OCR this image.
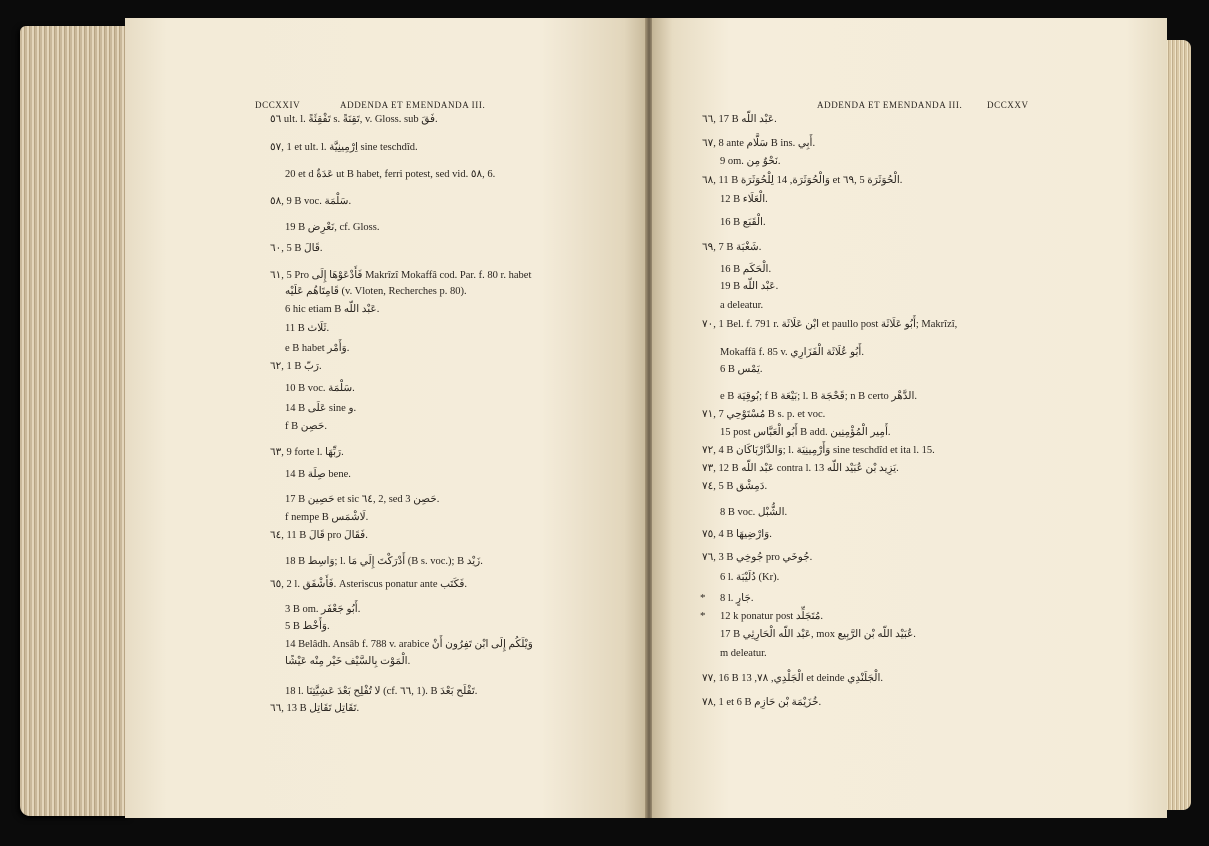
DCCXXIV	ADDENDA ET EMENDANDA III.
٥٦ ult. l. تَفْقِئَةً s. تَقِنَةً, v. Gloss. sub فَقَ.
٥٧, 1 et ult. l. اِرْمِينِيَّة sine teschdîd.
20 et d عَدَةٌ ut B habet, ferri potest, sed vid. ٥٨, 6.
٥٨, 9 B voc. سَلْمَة.
19 B نَعْرِض, cf. Gloss.
٦٠, 5 B قَالَ.
٦١, 5 Pro فَأَدْعَوْهَا إِلَى Makrîzî Mokaffâ cod. Par. f. 80 r. habet
قَامِتَاهُم عَلَيْه (v. Vloten, Recherches p. 80).
6 hic etiam B عَبْد اللّه.
11 B ثَلَاث.
e B habet وَأَمْر.
٦٢, 1 B رَبّ.
10 B voc. سَلْمَة.
14 B عَلَى sine و.
f B حَصِن.
٦٣, 9 forte l. رَبِّهَا.
14 B صِلَة bene.
17 B حَصِين et sic ٦٤, 2, sed 3 حَصِن.
f nempe B لَاشْمَس.
٦٤, 11 B قَالَ pro فَقَالَ.
18 B وَاسِط; l. أَدْرَكْتَ إِلَي مَا (B s. voc.); B زَيْد.
٦٥, 2 l. فَأَشْفَق. Asteriscus ponatur ante فَكَتَب.
3 B om. أَبُو جَعْفَر.
5 B وَأَخْط.
14 Belâdh. Ansâb f. 788 v. arabice وَيْلَكُم إِلَى ابْن تَفِرُون أَنْ
الْمَوْت بِالسَّيْف خَيْر مِنْه عَيْشًا.
18 l. لا تُفْلِح بَعْدَ عَشِيَّتِنَا (cf. ٦٦, 1). B تَفْلَح بَعْدَ.
٦٦, 13 B تَقَاتِل تَقَاتِل.
ADDENDA ET EMENDANDA III.	DCCXXV
٦٦, 17 B عَبْد اللّه.
٦٧, 8 ante سَلَّام B ins. أَبِي.
9 om. نَحْوٌ مِن.
٦٨, 11 B وَالْحُوَثَرَة, 14 لِلْحُوَثَرَة et ٦٩, 5 الْحُوَثَرَة.
12 B الْعَلَاء.
16 B الْقَبَع.
٦٩, 7 B شَغْبَة.
16 B الْحَكَم.
19 B عَبْد اللّه.
a deleatur.
٧٠, 1 Bel. f. 791 r. ابْن عَلَاثَة et paullo post أَبُو عَلَاثَة; Makrîzî,
Mokaffâ f. 85 v. أَبُو عُلَاثَة الْفَزَارِي.
6 B يَمْس.
e B بُوقِيَة; f B بَيْعَة; l. B قَحْجَة; n B certo الدَّهْر.
٧١, 7 مُسْتَوْحِي B s. p. et voc.
15 post أَبُو الْعَبَّاس B add. أَمِير الْمُؤْمِنِين.
٧٢, 4 B وَالدَّارْبَاكَان; l. وَأَرْمِينِيَة sine teschdîd et ita l. 15.
٧٣, 12 B عَبْد اللّه contra l. 13 يَزِيد بْن عُبَيْد اللّه.
٧٤, 5 B دَمِشْق.
8 B voc. الشُّبْل.
٧٥, 4 B وَارْضِيهَا.
٧٦, 3 B جُوخِي pro جُوخَي.
6 l. دُلَيْبَة (Kr).
8 l. جَارٍ.
12 k ponatur post مُتَجَلِّد.
17 B عَبْد اللّه الْحَارِثِي, mox عُبَيْد اللّه بْن الرَّبِيع.
m deleatur.
٧٧, 16 B الْجَلْدِي, ٧٨, 13 et deinde الْجَلَنْدِي.
٧٨, 1 et 6 B خُزَيْمَة بْن حَازِم.
*
*
